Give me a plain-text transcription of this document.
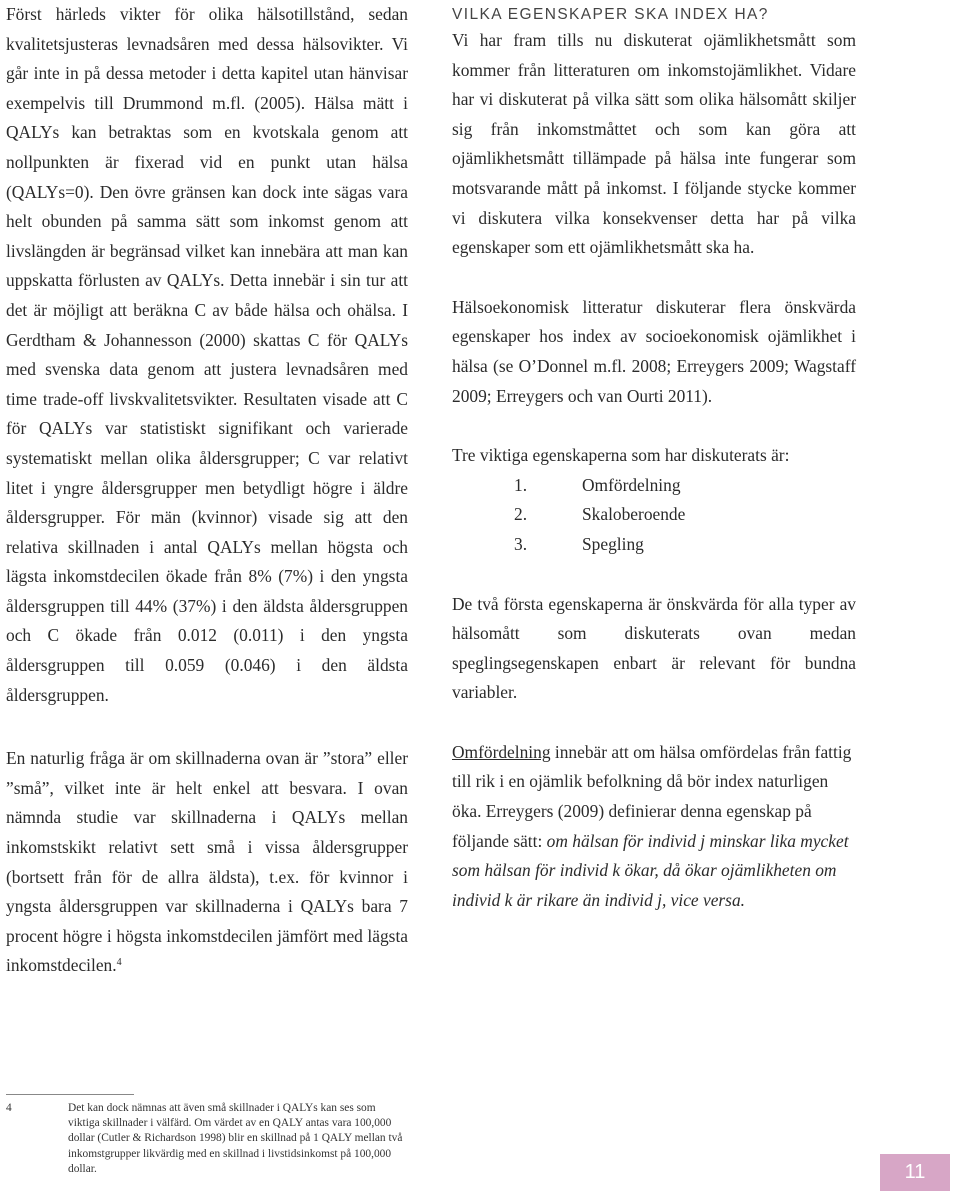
Först härleds vikter för olika hälsotillstånd, sedan kvalitetsjusteras levnadsåren med dessa hälsovikter. Vi går inte in på dessa metoder i detta kapitel utan hänvisar exempelvis till Drummond m.fl. (2005). Hälsa mätt i QALYs kan betraktas som en kvotskala genom att nollpunkten är fixerad vid en punkt utan hälsa (QALYs=0). Den övre gränsen kan dock inte sägas vara helt obunden på samma sätt som inkomst genom att livslängden är begränsad vilket kan innebära att man kan uppskatta förlusten av QALYs. Detta innebär i sin tur att det är möjligt att beräkna C av både hälsa och ohälsa. I Gerdtham & Johannesson (2000) skattas C för QALYs med svenska data genom att justera levnadsåren med time trade-off livskvalitetsvikter. Resultaten visade att C för QALYs var statistiskt signifikant och varierade systematiskt mellan olika åldersgrupper; C var relativt litet i yngre åldersgrupper men betydligt högre i äldre åldersgrupper. För män (kvinnor) visade sig att den relativa skillnaden i antal QALYs mellan högsta och lägsta inkomstdecilen ökade från 8% (7%) i den yngsta åldersgruppen till 44% (37%) i den äldsta åldersgruppen och C ökade från 0.012 (0.011) i den yngsta åldersgruppen till 0.059 (0.046) i den äldsta åldersgruppen.

En naturlig fråga är om skillnaderna ovan är ”stora” eller ”små”, vilket inte är helt enkel att besvara. I ovan nämnda studie var skillnaderna i QALYs mellan inkomstskikt relativt sett små i vissa åldersgrupper (bortsett från för de allra äldsta), t.ex. för kvinnor i yngsta åldersgruppen var skillnaderna i QALYs bara 7 procent högre i högsta inkomstdecilen jämfört med lägsta inkomstdecilen.$^4$

VILKA EGENSKAPER SKA INDEX HA?

Vi har fram tills nu diskuterat ojämlikhetsmått som kommer från litteraturen om inkomstojämlikhet. Vidare har vi diskuterat på vilka sätt som olika hälsomått skiljer sig från inkomstmåttet och som kan göra att ojämlikhetsmått tillämpade på hälsa inte fungerar som motsvarande mått på inkomst. I följande stycke kommer vi diskutera vilka konsekvenser detta har på vilka egenskaper som ett ojämlikhetsmått ska ha.

Hälsoekonomisk litteratur diskuterar flera önskvärda egenskaper hos index av socioekonomisk ojämlikhet i hälsa (se O’Donnel m.fl. 2008; Erreygers 2009; Wagstaff 2009; Erreygers och van Ourti 2011).

Tre viktiga egenskaperna som har diskuterats är:

1.	Omfördelning
2.	Skaloberoende
3.	Spegling

De två första egenskaperna är önskvärda för alla typer av hälsomått som diskuterats ovan medan speglingsegenskapen enbart är relevant för bundna variabler.

Omfördelning innebär att om hälsa omfördelas från fattig till rik i en ojämlik befolkning då bör index naturligen öka. Erreygers (2009) definierar denna egenskap på följande sätt: om hälsan för individ j minskar lika mycket som hälsan för individ k ökar, då ökar ojämlikheten om individ k är rikare än individ j, vice versa.

4	Det kan dock nämnas att även små skillnader i QALYs kan ses som viktiga skillnader i välfärd. Om värdet av en QALY antas vara 100,000 dollar (Cutler & Richardson 1998) blir en skillnad på 1 QALY mellan två inkomstgrupper likvärdig med en skillnad i livstidsinkomst på 100,000 dollar.	11
